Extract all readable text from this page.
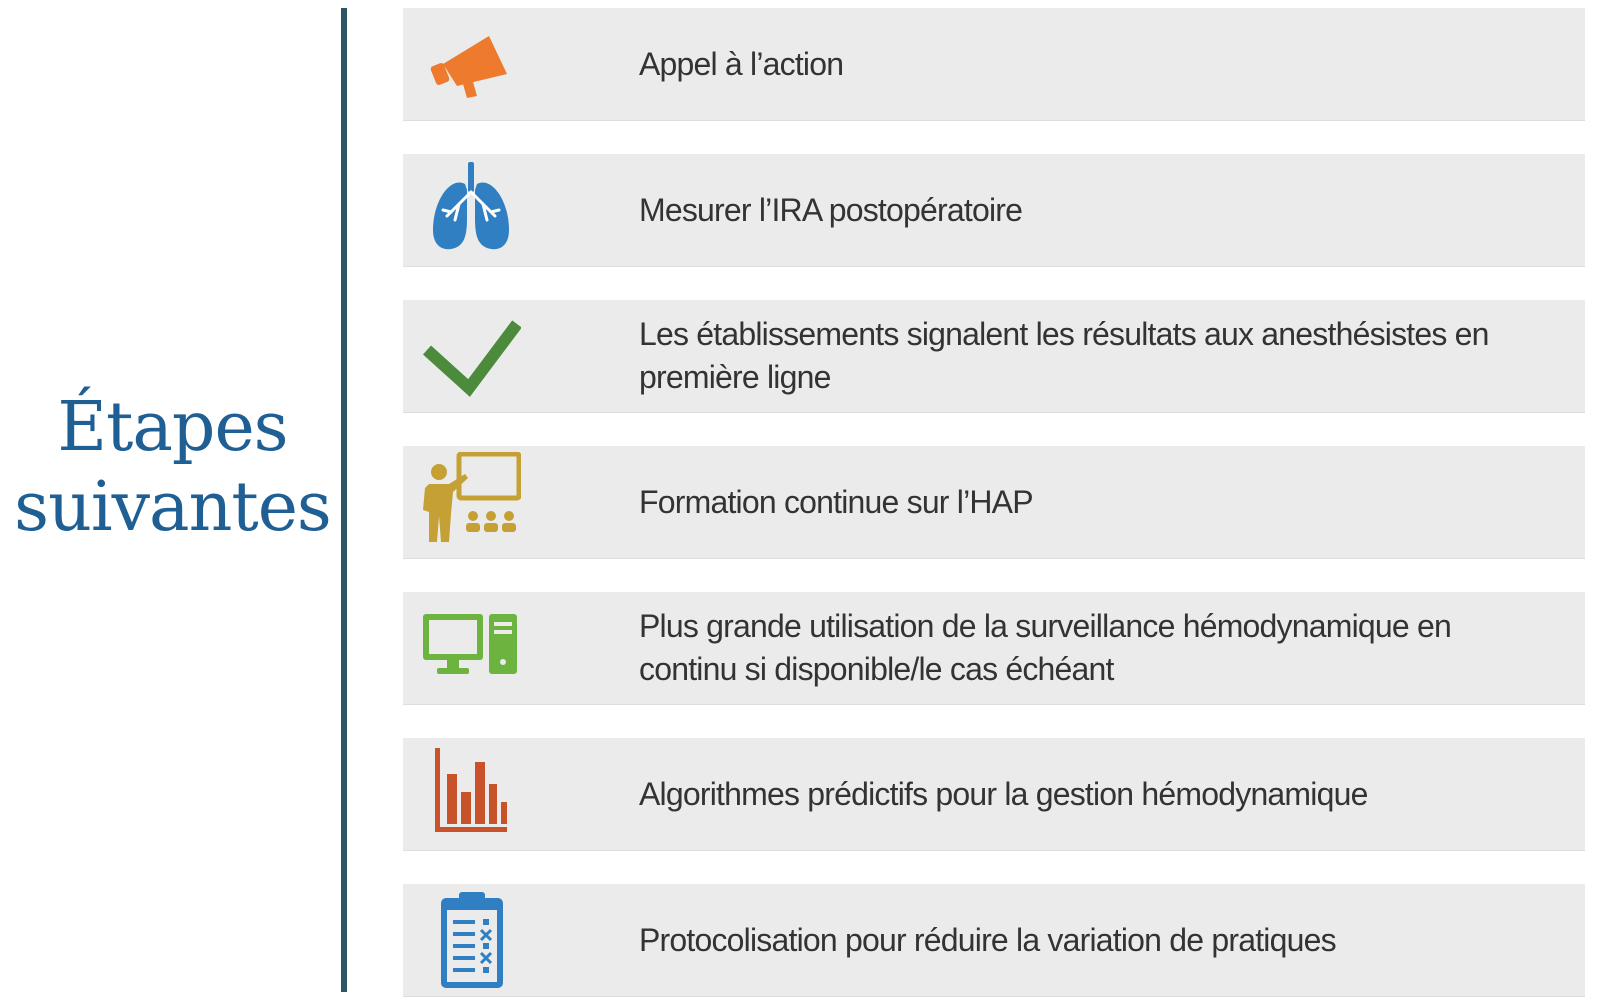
Étapes
suivantes
Appel à l’action
Mesurer l’IRA postopératoire
Les établissements signalent les résultats aux anesthésistes en première ligne
Formation continue sur l’HAP
Plus grande utilisation de la surveillance hémodynamique en continu si disponible/le cas échéant
Algorithmes prédictifs pour la gestion hémodynamique
Protocolisation pour réduire la variation de pratiques
